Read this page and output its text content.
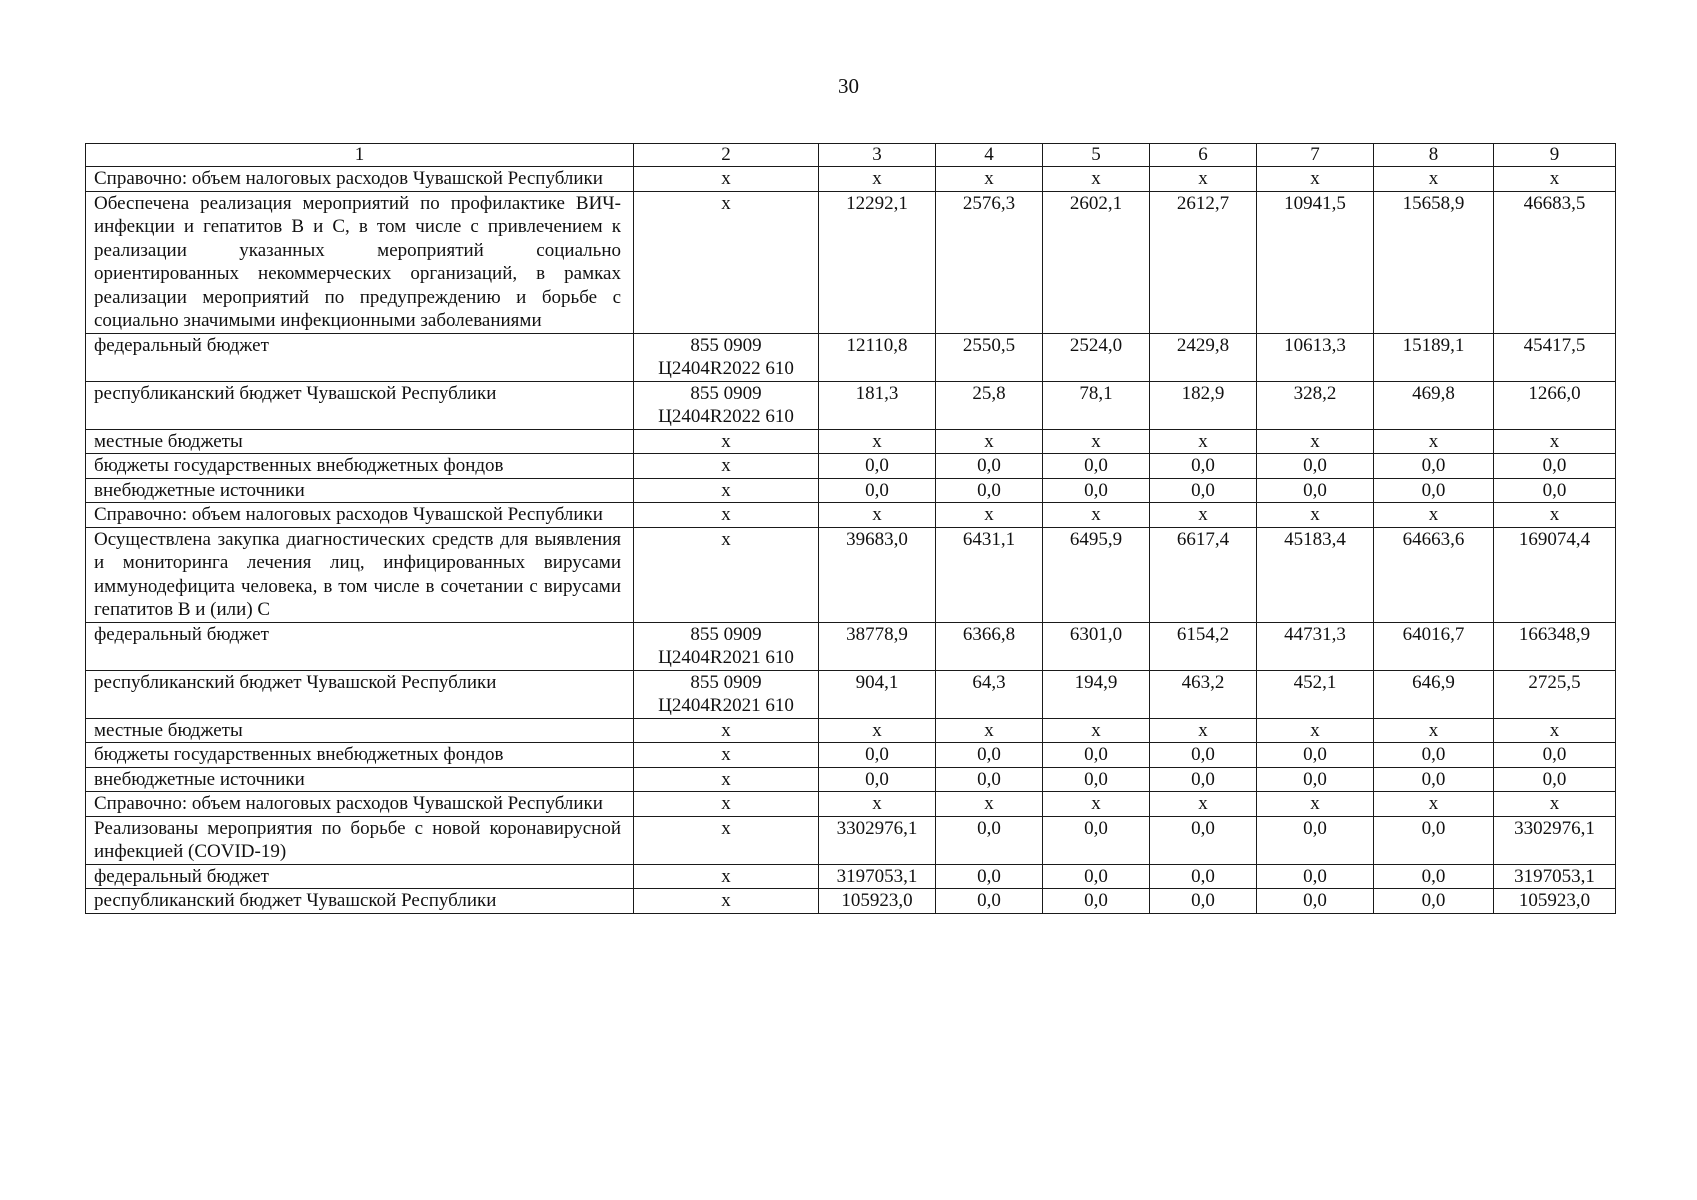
30
1	2	3	4	5	6	7	8	9
Справочно: объем налоговых расходов Чувашской Республики	х	х	х	х	х	х	х	х
Обеспечена реализация мероприятий по профилактике ВИЧ-инфекции и гепатитов В и С, в том числе с привлечением к реализации указанных мероприятий социально ориентированных некоммерческих организаций, в рамках реализации мероприятий по предупреждению и борьбе с социально значимыми инфекционными заболеваниями	х	12292,1	2576,3	2602,1	2612,7	10941,5	15658,9	46683,5
федеральный бюджет	855 0909 Ц2404R2022 610	12110,8	2550,5	2524,0	2429,8	10613,3	15189,1	45417,5
республиканский бюджет Чувашской Республики	855 0909 Ц2404R2022 610	181,3	25,8	78,1	182,9	328,2	469,8	1266,0
местные бюджеты	х	х	х	х	х	х	х	х
бюджеты государственных внебюджетных фондов	х	0,0	0,0	0,0	0,0	0,0	0,0	0,0
внебюджетные источники	х	0,0	0,0	0,0	0,0	0,0	0,0	0,0
Справочно: объем налоговых расходов Чувашской Республики	х	х	х	х	х	х	х	х
Осуществлена закупка диагностических средств для выявления и мониторинга лечения лиц, инфицированных вирусами иммунодефицита человека, в том числе в сочетании с вирусами гепатитов В и (или) С	х	39683,0	6431,1	6495,9	6617,4	45183,4	64663,6	169074,4
федеральный бюджет	855 0909 Ц2404R2021 610	38778,9	6366,8	6301,0	6154,2	44731,3	64016,7	166348,9
республиканский бюджет Чувашской Республики	855 0909 Ц2404R2021 610	904,1	64,3	194,9	463,2	452,1	646,9	2725,5
местные бюджеты	х	х	х	х	х	х	х	х
бюджеты государственных внебюджетных фондов	х	0,0	0,0	0,0	0,0	0,0	0,0	0,0
внебюджетные источники	х	0,0	0,0	0,0	0,0	0,0	0,0	0,0
Справочно: объем налоговых расходов Чувашской Республики	х	х	х	х	х	х	х	х
Реализованы мероприятия по борьбе с новой коронавирусной инфекцией (COVID-19)	х	3302976,1	0,0	0,0	0,0	0,0	0,0	3302976,1
федеральный бюджет	х	3197053,1	0,0	0,0	0,0	0,0	0,0	3197053,1
республиканский бюджет Чувашской Республики	х	105923,0	0,0	0,0	0,0	0,0	0,0	105923,0
